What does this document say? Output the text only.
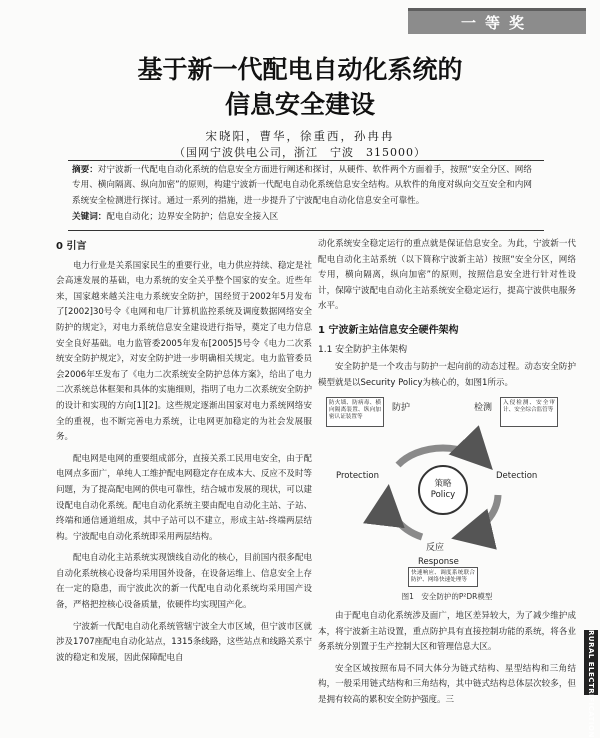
一等奖
基于新一代配电自动化系统的
信息安全建设
宋晓阳，曹华，徐重西，孙冉冉
（国网宁波供电公司，浙江　宁波　315000）
摘要：对宁波新一代配电自动化系统的信息安全方面进行阐述和探讨，从硬件、软件两个方面着手，按照“安全分区、网络专用、横向隔离、纵向加密”的原则，构建宁波新一代配电自动化系统信息安全结构。从软件的角度对纵向交互安全和内网系统安全检测进行探讨。通过一系列的措施，进一步提升了宁波配电自动化信息安全可靠性。
关键词：配电自动化；边界安全防护；信息安全接入区
0 引言

电力行业是关系国家民生的重要行业，电力供应持续、稳定是社会高速发展的基础，电力系统的安全关乎整个国家的安全。近些年来，国家越来越关注电力系统安全防护，国经贸于2002年5月发布了[2002]30号令《电网和电厂计算机监控系统及调度数据网络安全防护的规定》，对电力系统信息安全建设进行指导，奠定了电力信息安全良好基础。电力监管委2005年发布[2005]5号令《电力二次系统安全防护规定》，对安全防护进一步明确相关规定。电力监管委员会2006年또发布了《电力二次系统安全防护总体方案》，给出了电力二次系统总体框架和具体的实施细则，指明了电力二次系统安全防护的设计和实现的方向[1][2]。这些规定逐渐出国家对电力系统网络安全的重视，也不断完善电力系统，让电网更加稳定的为社会发展服务。

配电网是电网的重要组成部分，直接关系工民用电安全，由于配电网点多面广，单纯人工维护配电网稳定存在成本大、反应不及时等问题，为了提高配电网的供电可靠性，结合城市发展的现状，可以建设配电自动化系统。配电自动化系统主要由配电自动化主站、子站、终端和通信通道组成，其中子站可以不建立，形成主站-终端两层结构。宁波配电自动化系统即采用两层结构。

配电自动化主站系统实现馈线自动化的核心，目前国内很多配电自动化系统核心设备均采用国外设备，在设备运维上、信息安全上存在一定的隐患，而宁波此次的新一代配电自动化系统均采用国产设备，严格把控核心设备质量，依硬件均实现国产化。

宁波新一代配电自动化系统管辖宁波全大市区域，但宁波市区就涉及1707座配电自动化站点，1315条线路，这些站点和线路关系宁波的稳定和发展，因此保障配电自

动化系统安全稳定运行的重点就是保证信息安全。为此，宁波新一代配电自动化主站系统（以下简称宁波新主站）按照“安全分区，网络专用，横向隔离，纵向加密”的原则，按照信息安全进行针对性设计，保障宁波配电自动化主站系统安全稳定运行，提高宁波供电服务水平。

1 宁波新主站信息安全硬件架构
1.1 安全防护主体架构

安全防护是一个攻击与防护一起向前的动态过程。动态安全防护模型就是以Security Policy为核心的，如图1所示。

防火墙、防病毒、横向隔离装置、纵向加密认证装置等
入侵检测、安全审计、安全综合监管等
防护	检测
Protection	Detection
策略
Policy
反应
Response
快速响应、调度系统联合防护、网络快速处理等
图1　安全防护的P²DR模型

由于配电自动化系统涉及面广，地区差异较大，为了减少维护成本，将宁波新主站设置，重点防护具有直接控制功能的系统，将各业务系统分别置于生产控制大区和管理信息大区。

安全区域按照布局不同大体分为链式结构、星型结构和三角结构，一般采用链式结构和三角结构，其中链式结构总体层次较多，但是拥有较高的累积安全防护强度。三	RURAL ELECTRIFICATION
